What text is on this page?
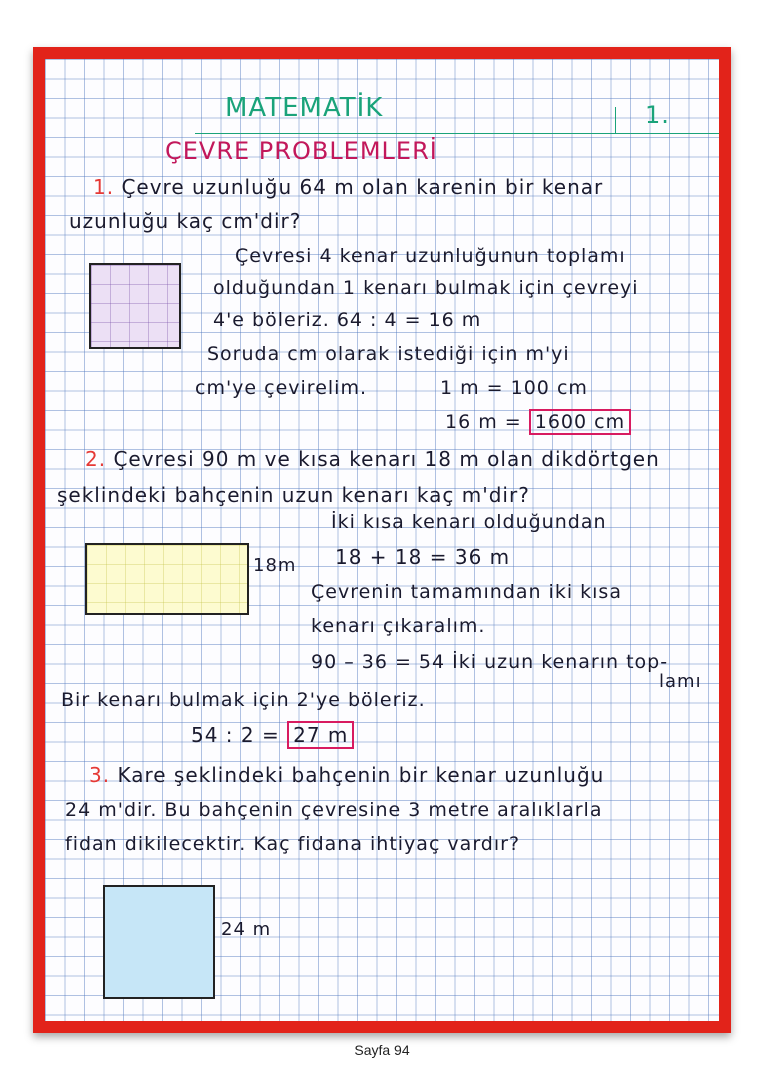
MATEMATİK	1.
ÇEVRE PROBLEMLERİ
1. Çevre uzunluğu 64 m olan karenin bir kenar
uzunluğu kaç cm'dir?
Çevresi 4 kenar uzunluğunun toplamı
olduğundan 1 kenarı bulmak için çevreyi
4'e böleriz. 64 : 4 = 16 m
Soruda cm olarak istediği için m'yi
cm'ye çevirelim.	1 m = 100 cm
16 m = 1600 cm
2. Çevresi 90 m ve kısa kenarı 18 m olan dikdörtgen
şeklindeki bahçenin uzun kenarı kaç m'dir?
18m
İki kısa kenarı olduğundan
18 + 18 = 36 m
Çevrenin tamamından iki kısa
kenarı çıkaralım.
90 – 36 = 54 İki uzun kenarın top-
lamı
Bir kenarı bulmak için 2'ye böleriz.
54 : 2 = 27 m
3. Kare şeklindeki bahçenin bir kenar uzunluğu
24 m'dir. Bu bahçenin çevresine 3 metre aralıklarla
fidan dikilecektir. Kaç fidana ihtiyaç vardır?
24 m
Sayfa 94
